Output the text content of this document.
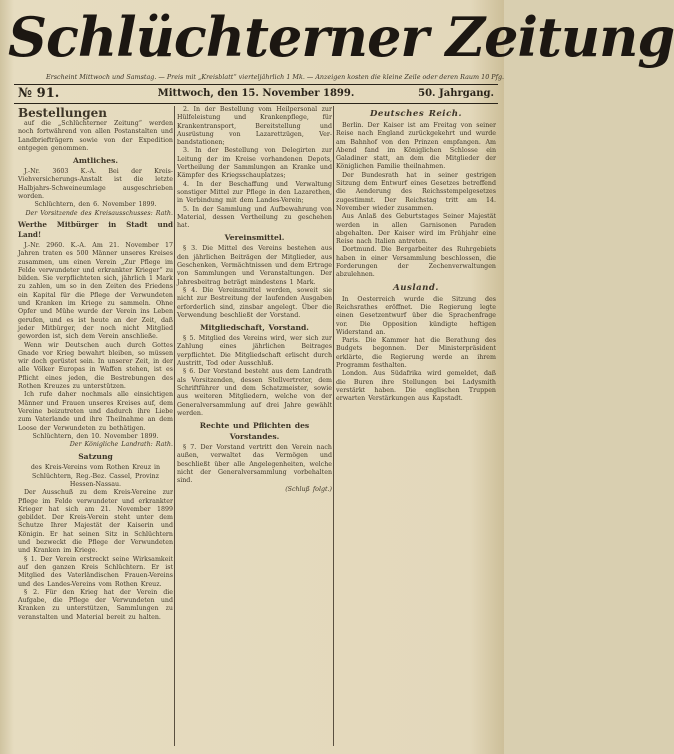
Schlüchterner Zeitung
Erscheint Mittwoch und Samstag. — Preis mit „Kreisblatt“ vierteljährlich 1 Mk. — Anzeigen kosten die kleine Zeile oder deren Raum 10 Pfg.
№ 91.	Mittwoch, den 15. November 1899.	50. Jahrgang.
Bestellungen
auf die „Schlüchterner Zeitung“ werden noch fortwährend von allen Postanstalten und Landbriefträgern sowie von der Expedition entgegen genommen.
Amtliches.
J.-Nr. 3603 K.-A. Bei der Kreis-Viehversicherungs-Anstalt ist die letzte Halbjahrs-Schweineumlage ausgeschrieben worden.
Schlüchtern, den 6. November 1899.
Der Vorsitzende des Kreisausschusses: Rath.
Werthe Mitbürger in Stadt und Land!
J.-Nr. 2960. K.-A. Am 21. November 17 Jahren traten es 500 Männer unseres Kreises zusammen, um einen Verein „Zur Pflege im Felde verwundeter und erkrankter Krieger“ zu bilden. Sie verpflichteten sich, jährlich 1 Mark zu zahlen, um so in den Zeiten des Friedens ein Kapital für die Pflege der Verwundeten und Kranken im Kriege zu sammeln. Ohne Opfer und Mühe wurde der Verein ins Leben gerufen, und es ist heute an der Zeit, daß jeder Mitbürger, der noch nicht Mitglied geworden ist, sich dem Verein anschließe.
Wenn wir Deutschen auch durch Gottes Gnade vor Krieg bewahrt bleiben, so müssen wir doch gerüstet sein. In unserer Zeit, in der alle Völker Europas in Waffen stehen, ist es Pflicht eines jeden, die Bestrebungen des Rothen Kreuzes zu unterstützen.
Ich rufe daher nochmals alle einsichtigen Männer und Frauen unseres Kreises auf, dem Vereine beizutreten und dadurch ihre Liebe zum Vaterlande und ihre Theilnahme an dem Loose der Verwundeten zu bethätigen.
Schlüchtern, den 10. November 1899.
Der Königliche Landrath: Rath.
Satzung
des Kreis-Vereins vom Rothen Kreuz in Schlüchtern, Reg.-Bez. Cassel, Provinz Hessen-Nassau.
Der Ausschuß zu dem Kreis-Vereine zur Pflege im Felde verwundeter und erkrankter Krieger hat sich am 21. November 1899 gebildet. Der Kreis-Verein steht unter dem Schutze Ihrer Majestät der Kaiserin und Königin. Er hat seinen Sitz in Schlüchtern und bezweckt die Pflege der Verwundeten und Kranken im Kriege.
§ 1. Der Verein erstreckt seine Wirksamkeit auf den ganzen Kreis Schlüchtern. Er ist Mitglied des Vaterländischen Frauen-Vereins und des Landes-Vereins vom Rothen Kreuz.
§ 2. Für den Krieg hat der Verein die Aufgabe, die Pflege der Verwundeten und Kranken zu unterstützen, Sammlungen zu veranstalten und Material bereit zu halten.
2. In der Bestellung vom Heilpersonal zur Hülfeleistung und Krankenpflege, für Krankentransport, Bereitstellung und Ausrüstung von Lazarettzügen, Ver- bandstationen;
3. In der Bestellung von Delegirten zur Leitung der im Kreise vorhandenen Depots, Vertheilung der Sammlungen an Kranke und Kämpfer des Kriegsschauplatzes;
4. In der Beschaffung und Verwaltung sonstiger Mittel zur Pflege in den Lazarethen, in Verbindung mit dem Landes-Verein;
5. In der Sammlung und Aufbewahrung von Material, dessen Vertheilung zu geschehen hat.
Vereinsmittel.
§ 3. Die Mittel des Vereins bestehen aus den jährlichen Beiträgen der Mitglieder, aus Geschenken, Vermächtnissen und dem Ertrage von Sammlungen und Veranstaltungen. Der Jahresbeitrag beträgt mindestens 1 Mark.
§ 4. Die Vereinsmittel werden, soweit sie nicht zur Bestreitung der laufenden Ausgaben erforderlich sind, zinsbar angelegt. Über die Verwendung beschließt der Vorstand.
Mitgliedschaft, Vorstand.
§ 5. Mitglied des Vereins wird, wer sich zur Zahlung eines jährlichen Beitrages verpflichtet. Die Mitgliedschaft erlischt durch Austritt, Tod oder Ausschluß.
§ 6. Der Vorstand besteht aus dem Landrath als Vorsitzenden, dessen Stellvertreter, dem Schriftführer und dem Schatzmeister, sowie aus weiteren Mitgliedern, welche von der Generalversammlung auf drei Jahre gewählt werden.
Rechte und Pflichten des Vorstandes.
§ 7. Der Vorstand vertritt den Verein nach außen, verwaltet das Vermögen und beschließt über alle Angelegenheiten, welche nicht der Generalversammlung vorbehalten sind.
(Schluß folgt.)
Deutsches Reich.
Berlin. Der Kaiser ist am Freitag von seiner Reise nach England zurückgekehrt und wurde am Bahnhof von den Prinzen empfangen. Am Abend fand im Königlichen Schlosse ein Galadiner statt, an dem die Mitglieder der Königlichen Familie theilnahmen.
Der Bundesrath hat in seiner gestrigen Sitzung dem Entwurf eines Gesetzes betreffend die Aenderung des Reichsstempelgesetzes zugestimmt. Der Reichstag tritt am 14. November wieder zusammen.
Aus Anlaß des Geburtstages Seiner Majestät werden in allen Garnisonen Paraden abgehalten. Der Kaiser wird im Frühjahr eine Reise nach Italien antreten.
Dortmund. Die Bergarbeiter des Ruhrgebiets haben in einer Versammlung beschlossen, die Forderungen der Zechenverwaltungen abzulehnen.
Ausland.
In Oesterreich wurde die Sitzung des Reichsrathes eröffnet. Die Regierung legte einen Gesetzentwurf über die Sprachenfrage vor. Die Opposition kündigte heftigen Widerstand an.
Paris. Die Kammer hat die Berathung des Budgets begonnen. Der Ministerpräsident erklärte, die Regierung werde an ihrem Programm festhalten.
London. Aus Südafrika wird gemeldet, daß die Buren ihre Stellungen bei Ladysmith verstärkt haben. Die englischen Truppen erwarten Verstärkungen aus Kapstadt.
